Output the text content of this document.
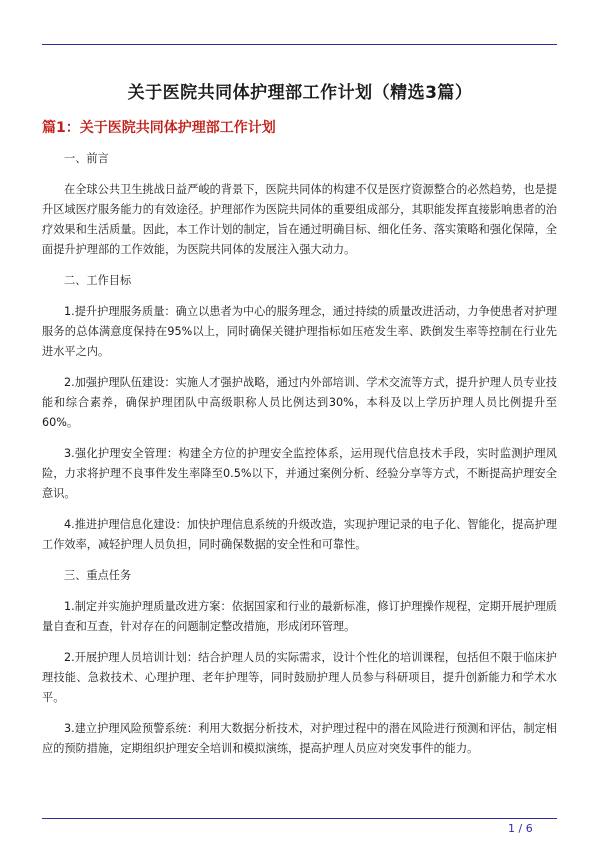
关于医院共同体护理部工作计划（精选3篇）
篇1：关于医院共同体护理部工作计划

一、前言

在全球公共卫生挑战日益严峻的背景下，医院共同体的构建不仅是医疗资源整合的必然趋势，也是提升区域医疗服务能力的有效途径。护理部作为医院共同体的重要组成部分，其职能发挥直接影响患者的治疗效果和生活质量。因此，本工作计划的制定，旨在通过明确目标、细化任务、落实策略和强化保障，全面提升护理部的工作效能，为医院共同体的发展注入强大动力。

二、工作目标

1.提升护理服务质量：确立以患者为中心的服务理念，通过持续的质量改进活动，力争使患者对护理服务的总体满意度保持在95%以上，同时确保关键护理指标如压疮发生率、跌倒发生率等控制在行业先进水平之内。

2.加强护理队伍建设：实施人才强护战略，通过内外部培训、学术交流等方式，提升护理人员专业技能和综合素养，确保护理团队中高级职称人员比例达到30%，本科及以上学历护理人员比例提升至60%。

3.强化护理安全管理：构建全方位的护理安全监控体系，运用现代信息技术手段，实时监测护理风险，力求将护理不良事件发生率降至0.5%以下，并通过案例分析、经验分享等方式，不断提高护理安全意识。

4.推进护理信息化建设：加快护理信息系统的升级改造，实现护理记录的电子化、智能化，提高护理工作效率，减轻护理人员负担，同时确保数据的安全性和可靠性。

三、重点任务

1.制定并实施护理质量改进方案：依据国家和行业的最新标准，修订护理操作规程，定期开展护理质量自查和互查，针对存在的问题制定整改措施，形成闭环管理。

2.开展护理人员培训计划：结合护理人员的实际需求，设计个性化的培训课程，包括但不限于临床护理技能、急救技术、心理护理、老年护理等，同时鼓励护理人员参与科研项目，提升创新能力和学术水平。

3.建立护理风险预警系统：利用大数据分析技术，对护理过程中的潜在风险进行预测和评估，制定相应的预防措施，定期组织护理安全培训和模拟演练，提高护理人员应对突发事件的能力。

1 / 6
